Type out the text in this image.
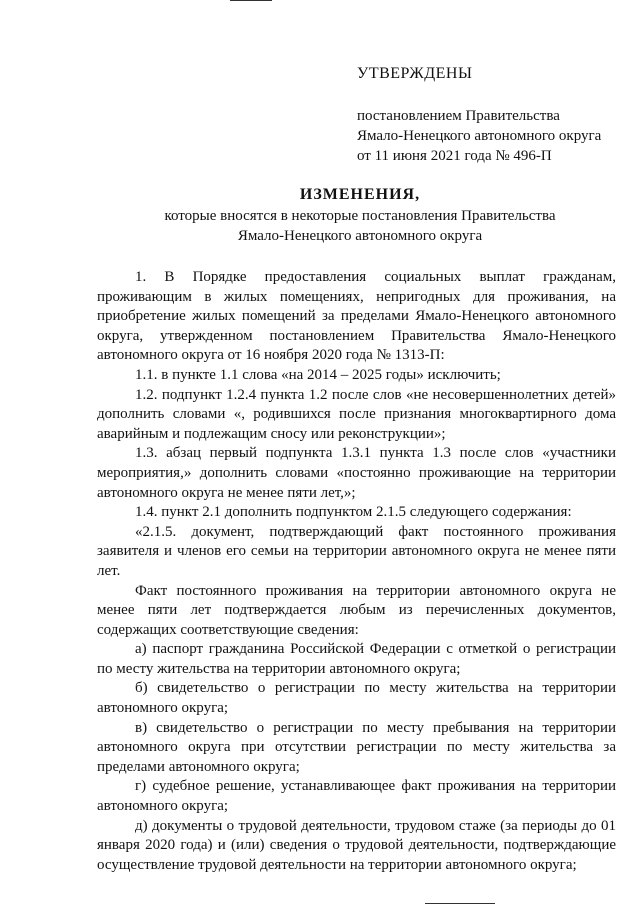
УТВЕРЖДЕНЫ
постановлением Правительства
Ямало-Ненецкого автономного округа
от 11 июня 2021 года № 496-П
ИЗМЕНЕНИЯ,
которые вносятся в некоторые постановления Правительства
Ямало-Ненецкого автономного округа

1. В Порядке предоставления социальных выплат гражданам, проживающим в жилых помещениях, непригодных для проживания, на приобретение жилых помещений за пределами Ямало-Ненецкого автономного округа, утвержденном постановлением Правительства Ямало-Ненецкого автономного округа от 16 ноября 2020 года № 1313-П:

1.1. в пункте 1.1 слова «на 2014 – 2025 годы» исключить;

1.2. подпункт 1.2.4 пункта 1.2 после слов «не несовершеннолетних детей» дополнить словами «, родившихся после признания многоквартирного дома аварийным и подлежащим сносу или реконструкции»;

1.3. абзац первый подпункта 1.3.1 пункта 1.3 после слов «участники мероприятия,» дополнить словами «постоянно проживающие на территории автономного округа не менее пяти лет,»;

1.4. пункт 2.1 дополнить подпунктом 2.1.5 следующего содержания:

«2.1.5. документ, подтверждающий факт постоянного проживания заявителя и членов его семьи на территории автономного округа не менее пяти лет.

Факт постоянного проживания на территории автономного округа не менее пяти лет подтверждается любым из перечисленных документов, содержащих соответствующие сведения:

а) паспорт гражданина Российской Федерации с отметкой о регистрации по месту жительства на территории автономного округа;

б) свидетельство о регистрации по месту жительства на территории автономного округа;

в) свидетельство о регистрации по месту пребывания на территории автономного округа при отсутствии регистрации по месту жительства за пределами автономного округа;

г) судебное решение, устанавливающее факт проживания на территории автономного округа;

д) документы о трудовой деятельности, трудовом стаже (за периоды до 01 января 2020 года) и (или) сведения о трудовой деятельности, подтверждающие осуществление трудовой деятельности на территории автономного округа;
